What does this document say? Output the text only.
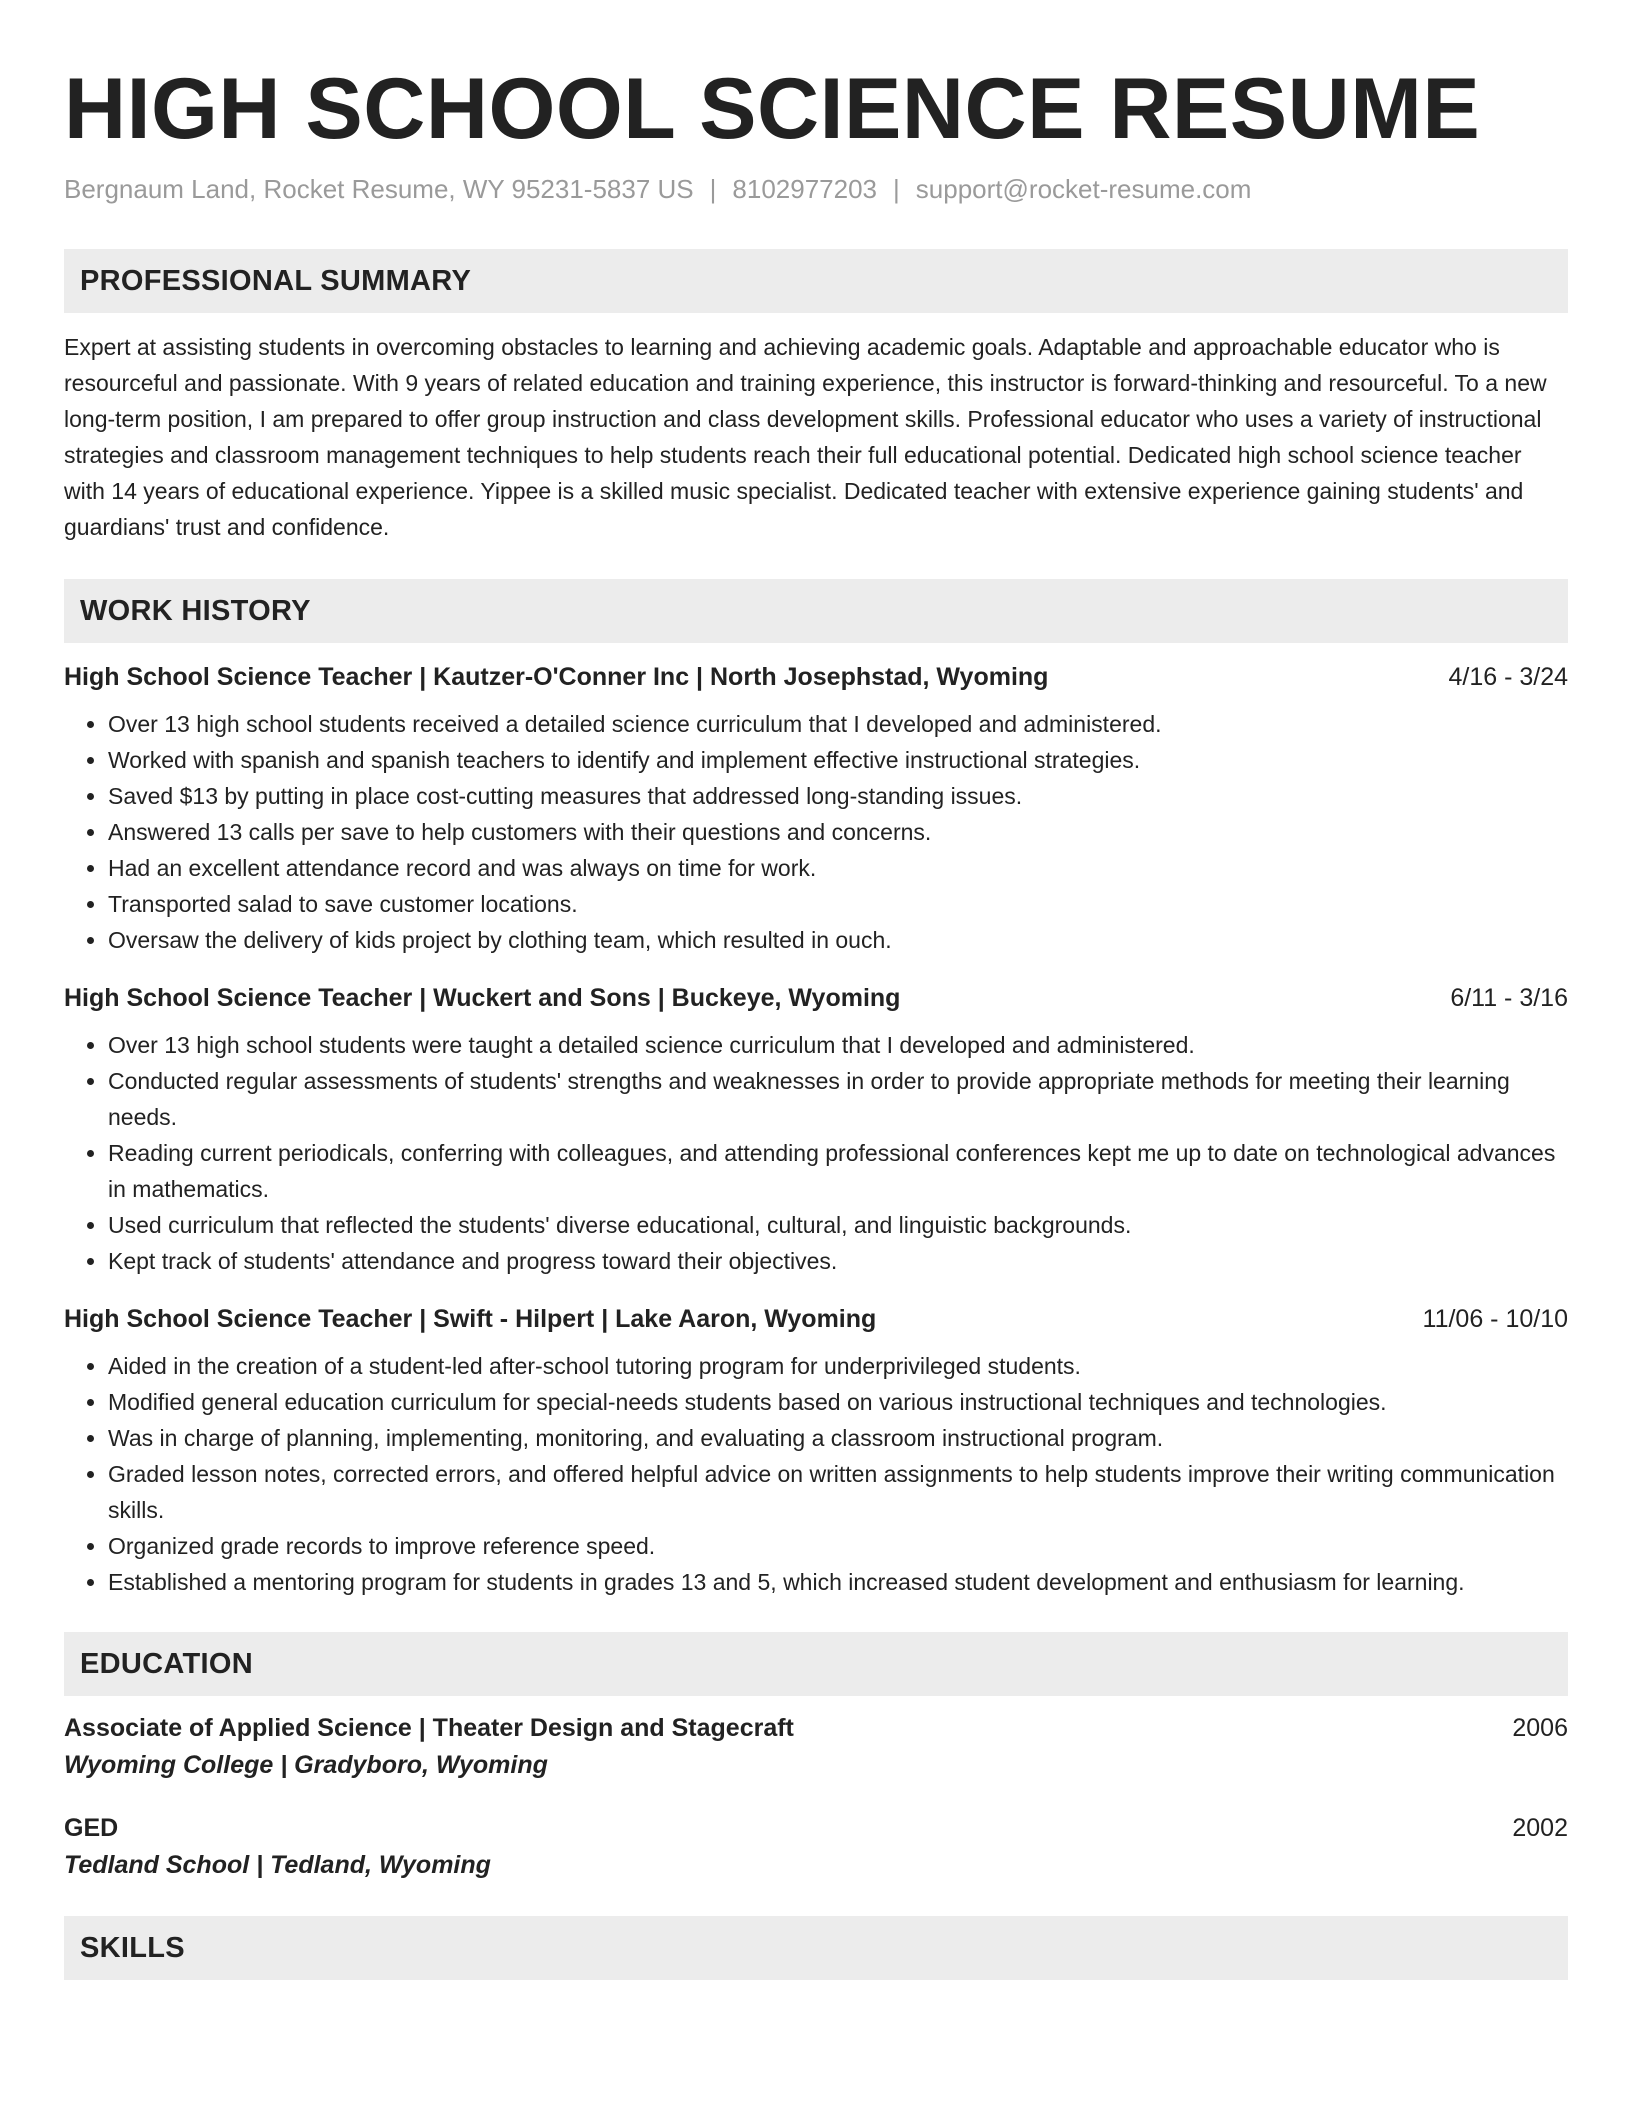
HIGH SCHOOL SCIENCE RESUME
Bergnaum Land, Rocket Resume, WY 95231-5837 US | 8102977203 | support@rocket-resume.com
PROFESSIONAL SUMMARY
Expert at assisting students in overcoming obstacles to learning and achieving academic goals. Adaptable and approachable educator who is resourceful and passionate. With 9 years of related education and training experience, this instructor is forward-thinking and resourceful. To a new long-term position, I am prepared to offer group instruction and class development skills. Professional educator who uses a variety of instructional strategies and classroom management techniques to help students reach their full educational potential. Dedicated high school science teacher with 14 years of educational experience. Yippee is a skilled music specialist. Dedicated teacher with extensive experience gaining students' and guardians' trust and confidence.
WORK HISTORY
High School Science Teacher | Kautzer-O'Conner Inc | North Josephstad, Wyoming	4/16 - 3/24
• Over 13 high school students received a detailed science curriculum that I developed and administered.
• Worked with spanish and spanish teachers to identify and implement effective instructional strategies.
• Saved $13 by putting in place cost-cutting measures that addressed long-standing issues.
• Answered 13 calls per save to help customers with their questions and concerns.
• Had an excellent attendance record and was always on time for work.
• Transported salad to save customer locations.
• Oversaw the delivery of kids project by clothing team, which resulted in ouch.
High School Science Teacher | Wuckert and Sons | Buckeye, Wyoming	6/11 - 3/16
• Over 13 high school students were taught a detailed science curriculum that I developed and administered.
• Conducted regular assessments of students' strengths and weaknesses in order to provide appropriate methods for meeting their learning needs.
• Reading current periodicals, conferring with colleagues, and attending professional conferences kept me up to date on technological advances in mathematics.
• Used curriculum that reflected the students' diverse educational, cultural, and linguistic backgrounds.
• Kept track of students' attendance and progress toward their objectives.
High School Science Teacher | Swift - Hilpert | Lake Aaron, Wyoming	11/06 - 10/10
• Aided in the creation of a student-led after-school tutoring program for underprivileged students.
• Modified general education curriculum for special-needs students based on various instructional techniques and technologies.
• Was in charge of planning, implementing, monitoring, and evaluating a classroom instructional program.
• Graded lesson notes, corrected errors, and offered helpful advice on written assignments to help students improve their writing communication skills.
• Organized grade records to improve reference speed.
• Established a mentoring program for students in grades 13 and 5, which increased student development and enthusiasm for learning.
EDUCATION
Associate of Applied Science | Theater Design and Stagecraft	2006
Wyoming College | Gradyboro, Wyoming
GED	2002
Tedland School | Tedland, Wyoming
SKILLS
